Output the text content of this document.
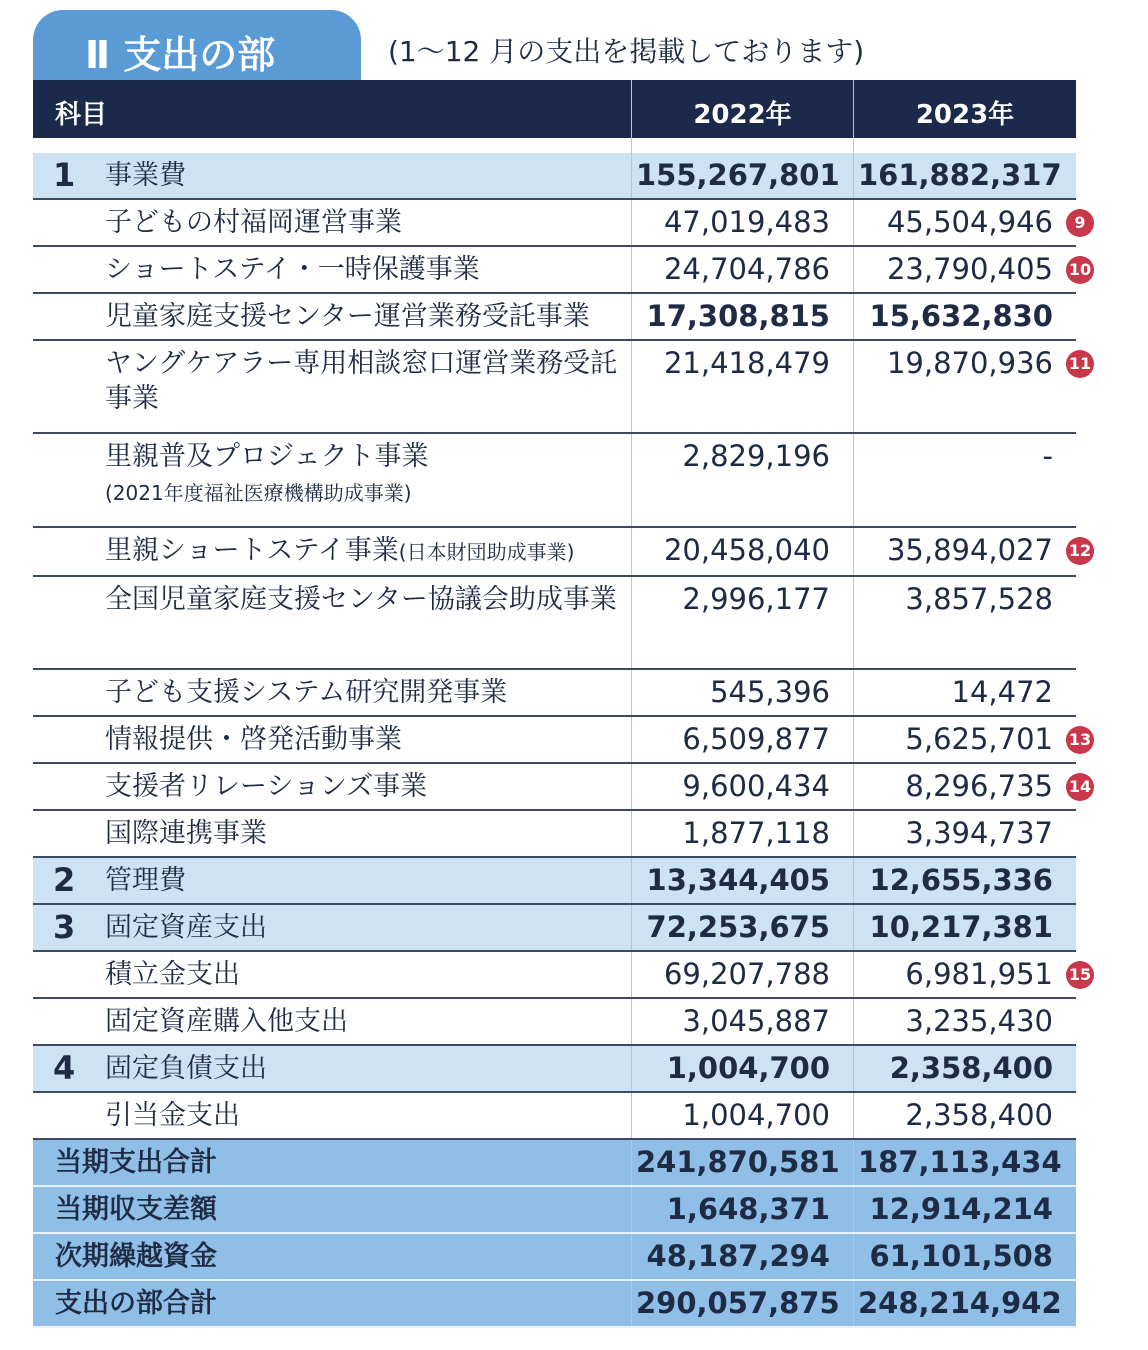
Ⅱ 支出の部	(1～12 月の支出を掲載しております)
科目	2022年	2023年
1 事業費	155,267,801 161,882,317
子どもの村福岡運営事業	47,019,483	45,504,946	9
ショートステイ・一時保護事業	24,704,786	23,790,405 10
児童家庭支援センター運営業務受託事業	17,308,815	15,632,830
ヤングケアラー専用相談窓口運営業務受託事業
21,418,479	19,870,936 11
里親普及プロジェクト事業
(2021年度福祉医療機構助成事業)
2,829,196	-
里親ショートステイ事業(日本財団助成事業)	20,458,040	35,894,027 12
全国児童家庭支援センター協議会助成事業	2,996,177	3,857,528
子ども支援システム研究開発事業	545,396	14,472
情報提供・啓発活動事業	6,509,877	5,625,701 13
支援者リレーションズ事業	9,600,434	8,296,735 14
国際連携事業	1,877,118	3,394,737
2 管理費	13,344,405	12,655,336
3 固定資産支出	72,253,675	10,217,381
積立金支出	69,207,788	6,981,951 15
固定資産購入他支出	3,045,887	3,235,430
4 固定負債支出	1,004,700	2,358,400
引当金支出	1,004,700	2,358,400
当期支出合計	241,870,581 187,113,434
当期収支差額	1,648,371	12,914,214
次期繰越資金	48,187,294	61,101,508
支出の部合計	290,057,875 248,214,942
